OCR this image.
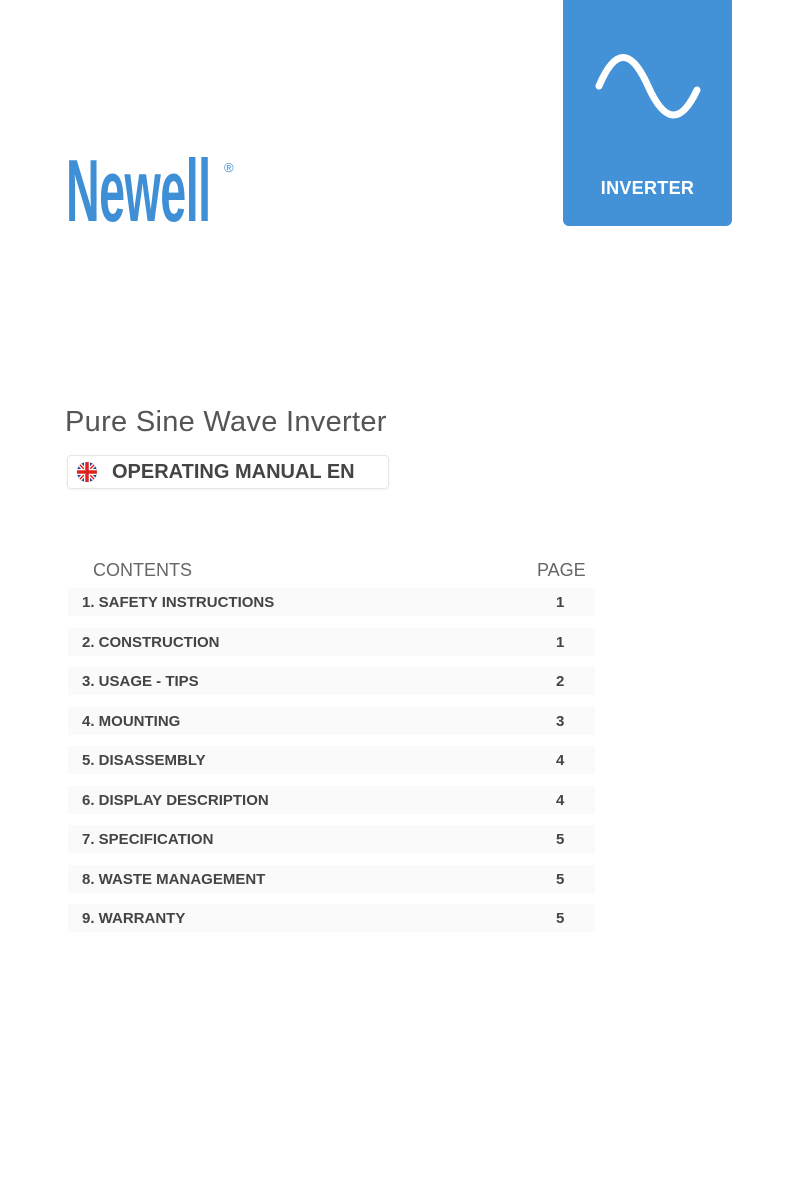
INVERTER
Newell ®
Pure Sine Wave Inverter
OPERATING MANUAL EN
CONTENTS	PAGE
1. SAFETY INSTRUCTIONS	1
2. CONSTRUCTION	1
3. USAGE - TIPS	2
4. MOUNTING	3
5. DISASSEMBLY	4
6. DISPLAY DESCRIPTION	4
7. SPECIFICATION	5
8. WASTE MANAGEMENT	5
9. WARRANTY	5
